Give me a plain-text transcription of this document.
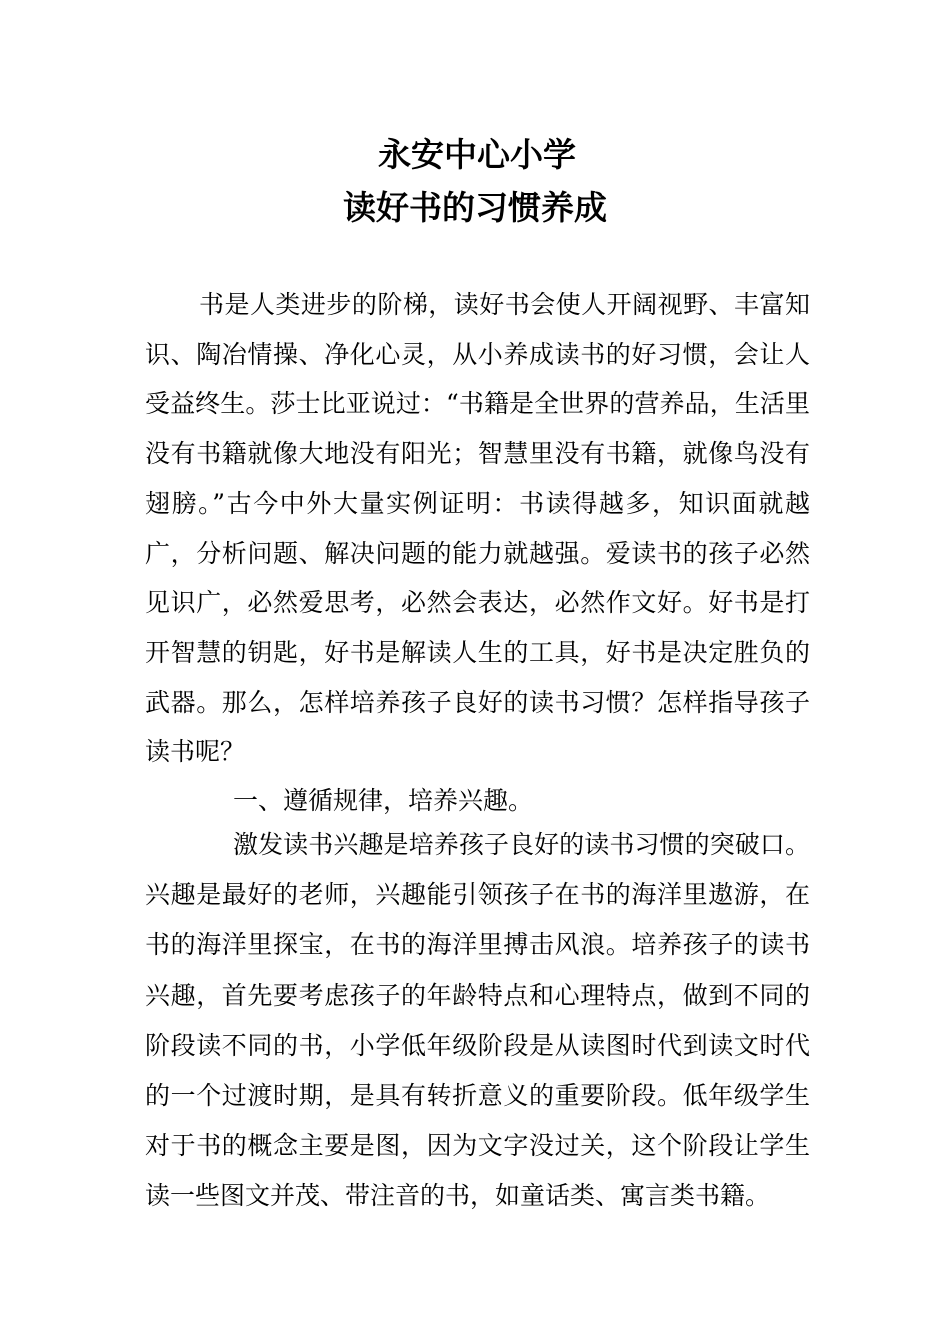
永安中心小学
读好书的习惯养成

书是人类进步的阶梯，读好书会使人开阔视野、丰富知识、陶冶情操、净化心灵，从小养成读书的好习惯，会让人受益终生。莎士比亚说过：“书籍是全世界的营养品，生活里没有书籍就像大地没有阳光；智慧里没有书籍，就像鸟没有翅膀。”古今中外大量实例证明：书读得越多，知识面就越广，分析问题、解决问题的能力就越强。爱读书的孩子必然见识广，必然爱思考，必然会表达，必然作文好。好书是打开智慧的钥匙，好书是解读人生的工具，好书是决定胜负的武器。那么，怎样培养孩子良好的读书习惯？怎样指导孩子读书呢？

一、遵循规律，培养兴趣。

激发读书兴趣是培养孩子良好的读书习惯的突破口。兴趣是最好的老师，兴趣能引领孩子在书的海洋里遨游，在书的海洋里探宝，在书的海洋里搏击风浪。培养孩子的读书兴趣，首先要考虑孩子的年龄特点和心理特点，做到不同的阶段读不同的书，小学低年级阶段是从读图时代到读文时代的一个过渡时期，是具有转折意义的重要阶段。低年级学生对于书的概念主要是图，因为文字没过关，这个阶段让学生读一些图文并茂、带注音的书，如童话类、寓言类书籍。
